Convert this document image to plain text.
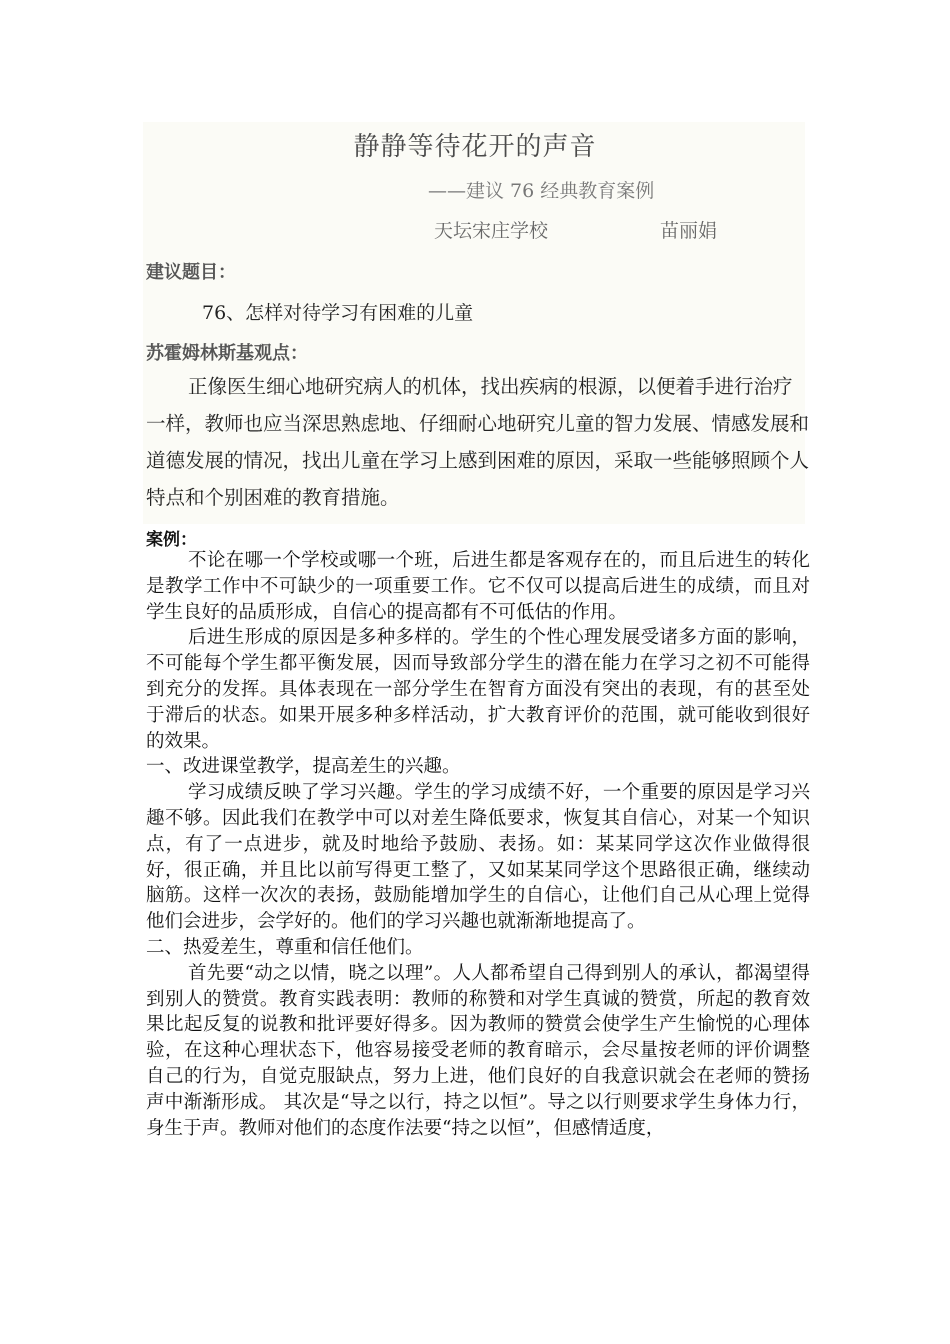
静静等待花开的声音
——建议 76 经典教育案例
天坛宋庄学校	苗丽娟
建议题目：
76、怎样对待学习有困难的儿童
苏霍姆林斯基观点：
正像医生细心地研究病人的机体，找出疾病的根源，以便着手进行治疗一样，教师也应当深思熟虑地、仔细耐心地研究儿童的智力发展、情感发展和道德发展的情况，找出儿童在学习上感到困难的原因，采取一些能够照顾个人特点和个别困难的教育措施。
案例：

不论在哪一个学校或哪一个班，后进生都是客观存在的，而且后进生的转化是教学工作中不可缺少的一项重要工作。它不仅可以提高后进生的成绩，而且对学生良好的品质形成，自信心的提高都有不可低估的作用。

后进生形成的原因是多种多样的。学生的个性心理发展受诸多方面的影响，不可能每个学生都平衡发展，因而导致部分学生的潜在能力在学习之初不可能得到充分的发挥。具体表现在一部分学生在智育方面没有突出的表现，有的甚至处于滞后的状态。如果开展多种多样活动，扩大教育评价的范围，就可能收到很好的效果。

一、改进课堂教学，提高差生的兴趣。

学习成绩反映了学习兴趣。学生的学习成绩不好，一个重要的原因是学习兴趣不够。因此我们在教学中可以对差生降低要求，恢复其自信心，对某一个知识点，有了一点进步，就及时地给予鼓励、表扬。如：某某同学这次作业做得很好，很正确，并且比以前写得更工整了，又如某某同学这个思路很正确，继续动脑筋。这样一次次的表扬，鼓励能增加学生的自信心，让他们自己从心理上觉得他们会进步，会学好的。他们的学习兴趣也就渐渐地提高了。

二、热爱差生，尊重和信任他们。

首先要“动之以情，晓之以理”。人人都希望自己得到别人的承认，都渴望得到别人的赞赏。教育实践表明：教师的称赞和对学生真诚的赞赏，所起的教育效果比起反复的说教和批评要好得多。因为教师的赞赏会使学生产生愉悦的心理体验，在这种心理状态下，他容易接受老师的教育暗示，会尽量按老师的评价调整自己的行为，自觉克服缺点，努力上进，他们良好的自我意识就会在老师的赞扬声中渐渐形成。 其次是“导之以行，持之以恒”。导之以行则要求学生身体力行，身生于声。教师对他们的态度作法要“持之以恒”，但感情适度，
